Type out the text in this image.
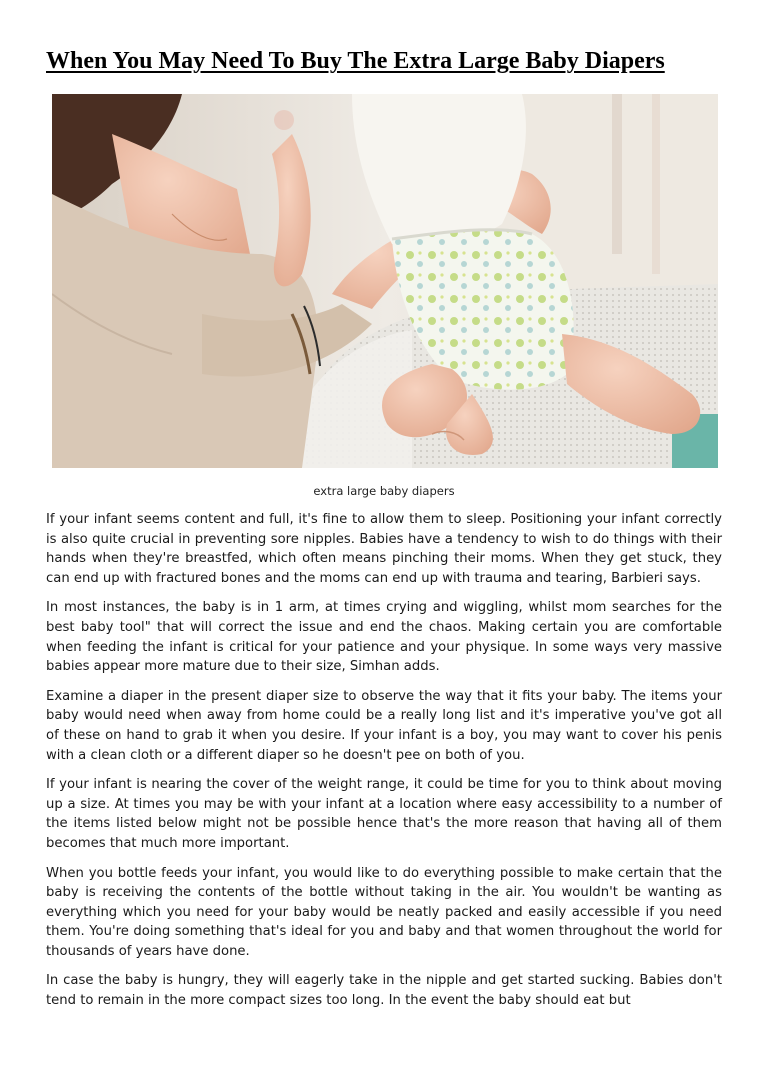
When You May Need To Buy The Extra Large Baby Diapers
extra large baby diapers

If your infant seems content and full, it's fine to allow them to sleep. Positioning your infant correctly is also quite crucial in preventing sore nipples. Babies have a tendency to wish to do things with their hands when they're breastfed, which often means pinching their moms. When they get stuck, they can end up with fractured bones and the moms can end up with trauma and tearing, Barbieri says.

In most instances, the baby is in 1 arm, at times crying and wiggling, whilst mom searches for the best baby tool" that will correct the issue and end the chaos. Making certain you are comfortable when feeding the infant is critical for your patience and your physique. In some ways very massive babies appear more mature due to their size, Simhan adds.

Examine a diaper in the present diaper size to observe the way that it fits your baby. The items your baby would need when away from home could be a really long list and it's imperative you've got all of these on hand to grab it when you desire. If your infant is a boy, you may want to cover his penis with a clean cloth or a different diaper so he doesn't pee on both of you.

If your infant is nearing the cover of the weight range, it could be time for you to think about moving up a size. At times you may be with your infant at a location where easy accessibility to a number of the items listed below might not be possible hence that's the more reason that having all of them becomes that much more important.

When you bottle feeds your infant, you would like to do everything possible to make certain that the baby is receiving the contents of the bottle without taking in the air. You wouldn't be wanting as everything which you need for your baby would be neatly packed and easily accessible if you need them. You're doing something that's ideal for you and baby and that women throughout the world for thousands of years have done.

In case the baby is hungry, they will eagerly take in the nipple and get started sucking. Babies don't tend to remain in the more compact sizes too long. In the event the baby should eat but
